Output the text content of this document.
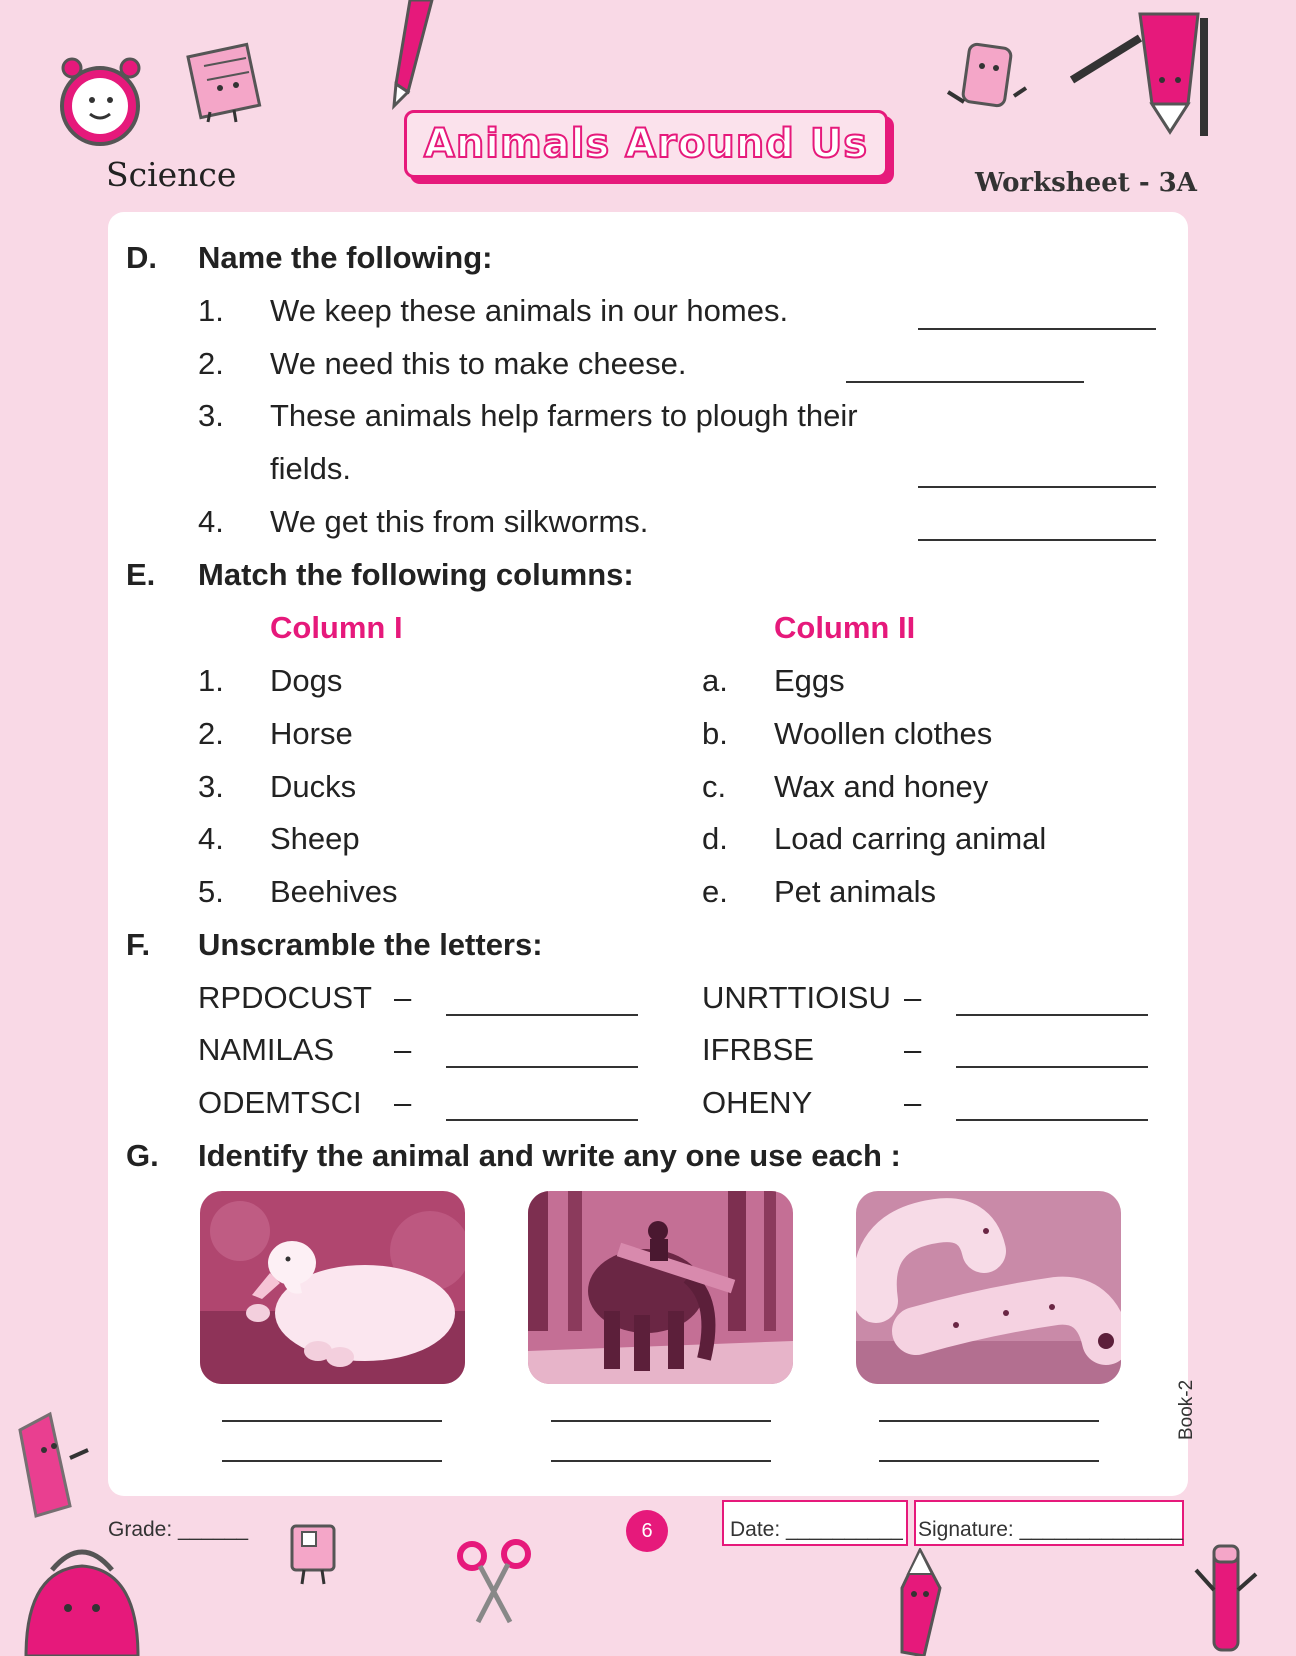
Science
Animals Around Us
Worksheet - 3A
D. Name the following:
1. We keep these animals in our homes.
2. We need this to make cheese.
3. These animals help farmers to plough their
fields.
4. We get this from silkworms.
E. Match the following columns:
Column I	Column II
1. Dogs	a. Eggs
2. Horse	b. Woollen clothes
3. Ducks	c. Wax and honey
4. Sheep	d. Load carring animal
5. Beehives	e. Pet animals
F. Unscramble the letters:
RPDOCUST –	UNRTTIOISU –
NAMILAS –	IFRBSE	–
ODEMTSCI –	OHENY	–
G. Identify the animal and write any one use each :
Book-2
Grade: ______	6	Date: __________ Signature: ______________
